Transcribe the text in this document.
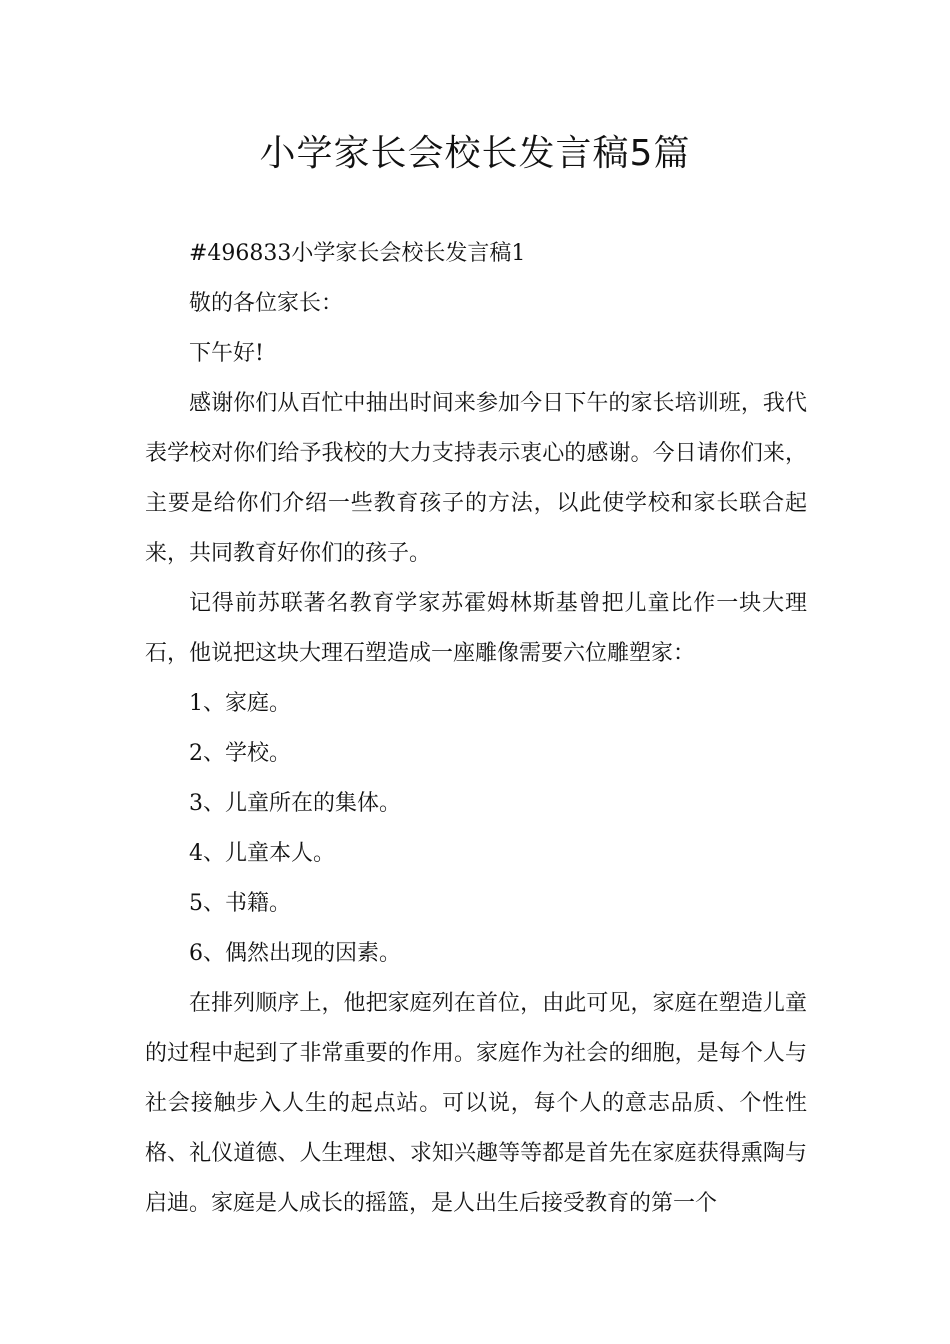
小学家长会校长发言稿5篇

#496833小学家长会校长发言稿1

敬的各位家长：

下午好!

感谢你们从百忙中抽出时间来参加今日下午的家长培训班，我代表学校对你们给予我校的大力支持表示衷心的感谢。今日请你们来，主要是给你们介绍一些教育孩子的方法，以此使学校和家长联合起来，共同教育好你们的孩子。

记得前苏联著名教育学家苏霍姆林斯基曾把儿童比作一块大理石，他说把这块大理石塑造成一座雕像需要六位雕塑家：

1、家庭。

2、学校。

3、儿童所在的集体。

4、儿童本人。

5、书籍。

6、偶然出现的因素。

在排列顺序上，他把家庭列在首位，由此可见，家庭在塑造儿童的过程中起到了非常重要的作用。家庭作为社会的细胞，是每个人与社会接触步入人生的起点站。可以说，每个人的意志品质、个性性格、礼仪道德、人生理想、求知兴趣等等都是首先在家庭获得熏陶与启迪。家庭是人成长的摇篮，是人出生后接受教育的第一个
